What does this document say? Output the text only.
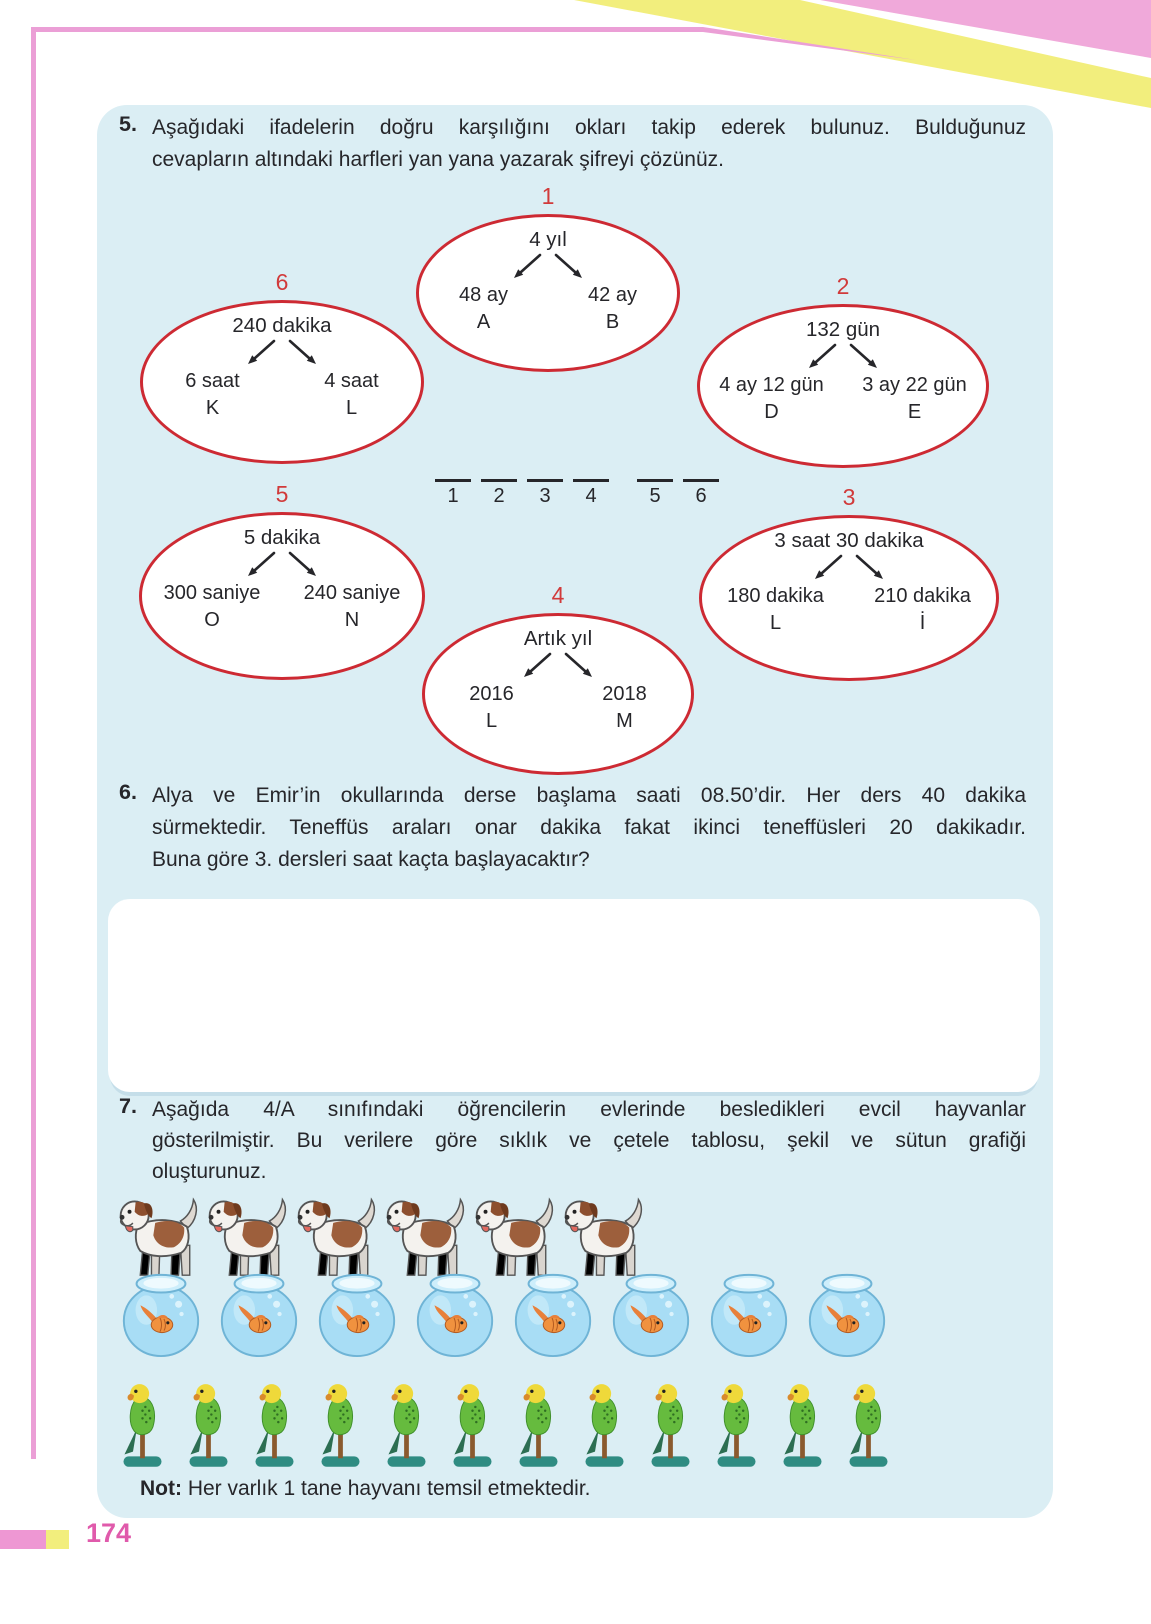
5. Aşağıdaki ifadelerin doğru karşılığını okları takip ederek bulunuz. Bulduğunuz
cevapların altındaki harfleri yan yana yazarak şifreyi çözünüz.
1
4 yıl
48 ay	42 ay
A	B
2
132 gün
4 ay 12 gün	3 ay 22 gün
D	E
3
3 saat 30 dakika
180 dakika	210 dakika
L	İ
4
Artık yıl
2016	2018
L	M
5
5 dakika
300 saniye	240 saniye
O	N
6
240 dakika
6 saat	4 saat
K	L
1	2	3	4	5	6
6. Alya ve Emir’in okullarında derse başlama saati 08.50’dir. Her ders 40 dakika
sürmektedir. Teneffüs araları onar dakika fakat ikinci teneffüsleri 20 dakikadır.
Buna göre 3. dersleri saat kaçta başlayacaktır?
7. Aşağıda 4/A sınıfındaki öğrencilerin evlerinde besledikleri evcil hayvanlar
gösterilmiştir. Bu verilere göre sıklık ve çetele tablosu, şekil ve sütun grafiği
oluşturunuz.
Not: Her varlık 1 tane hayvanı temsil etmektedir.
174
